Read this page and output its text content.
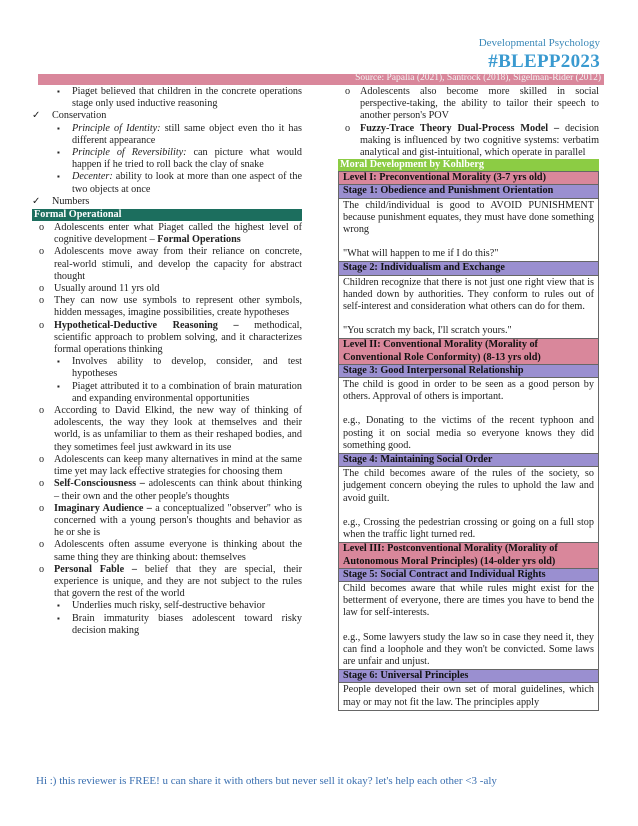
Developmental Psychology
#BLEPP2023
Source: Papalia (2021), Santrock (2018), Sigelman-Rider (2012)
▪ Piaget believed that children in the concrete operations stage only used inductive reasoning
✓ Conservation
▪ Principle of Identity: still same object even tho it has different appearance
▪ Principle of Reversibility: can picture what would happen if he tried to roll back the clay of snake
▪ Decenter: ability to look at more than one aspect of the two objects at once
✓ Numbers
Formal Operational
o Adolescents enter what Piaget called the highest level of cognitive development – Formal Operations
o Adolescents move away from their reliance on concrete, real-world stimuli, and develop the capacity for abstract thought
o Usually around 11 yrs old
o They can now use symbols to represent other symbols, hidden messages, imagine possibilities, create hypotheses
o Hypothetical-Deductive Reasoning – methodical, scientific approach to problem solving, and it characterizes formal operations thinking
▪ Involves ability to develop, consider, and test hypotheses
▪ Piaget attributed it to a combination of brain maturation and expanding environmental opportunities
o According to David Elkind, the new way of thinking of adolescents, the way they look at themselves and their world, is as unfamiliar to them as their reshaped bodies, and they sometimes feel just awkward in its use
o Adolescents can keep many alternatives in mind at the same time yet may lack effective strategies for choosing them
o Self-Consciousness – adolescents can think about thinking – their own and the other people's thoughts
o Imaginary Audience – a conceptualized "observer" who is concerned with a young person's thoughts and behavior as he or she is
o Adolescents often assume everyone is thinking about the same thing they are thinking about: themselves
o Personal Fable – belief that they are special, their experience is unique, and they are not subject to the rules that govern the rest of the world
▪ Underlies much risky, self-destructive behavior
▪ Brain immaturity biases adolescent toward risky decision making
o Adolescents also become more skilled in social perspective-taking, the ability to tailor their speech to another person's POV
o Fuzzy-Trace Theory Dual-Process Model – decision making is influenced by two cognitive systems: verbatim analytical and gist-intuitional, which operate in parallel
Moral Development by Kohlberg
Level I: Preconventional Morality (3-7 yrs old)
Stage 1: Obedience and Punishment Orientation
The child/individual is good to AVOID PUNISHMENT because punishment equates, they must have done something wrong
"What will happen to me if I do this?"
Stage 2: Individualism and Exchange
Children recognize that there is not just one right view that is handed down by authorities. They conform to rules out of self-interest and consideration what others can do for them.
"You scratch my back, I'll scratch yours."
Level II: Conventional Morality (Morality of Conventional Role Conformity) (8-13 yrs old)
Stage 3: Good Interpersonal Relationship
The child is good in order to be seen as a good person by others. Approval of others is important.
e.g., Donating to the victims of the recent typhoon and posting it on social media so everyone knows they did something good.
Stage 4: Maintaining Social Order
The child becomes aware of the rules of the society, so judgement concern obeying the rules to uphold the law and avoid guilt.
e.g., Crossing the pedestrian crossing or going on a full stop when the traffic light turned red.
Level III: Postconventional Morality (Morality of Autonomous Moral Principles) (14-older yrs old)
Stage 5: Social Contract and Individual Rights
Child becomes aware that while rules might exist for the betterment of everyone, there are times you have to bend the law for self-interests.
e.g., Some lawyers study the law so in case they need it, they can find a loophole and they won't be convicted. Some laws are unfair and unjust.
Stage 6: Universal Principles
People developed their own set of moral guidelines, which may or may not fit the law. The principles apply
Hi :) this reviewer is FREE! u can share it with others but never sell it okay? let's help each other <3 -aly
